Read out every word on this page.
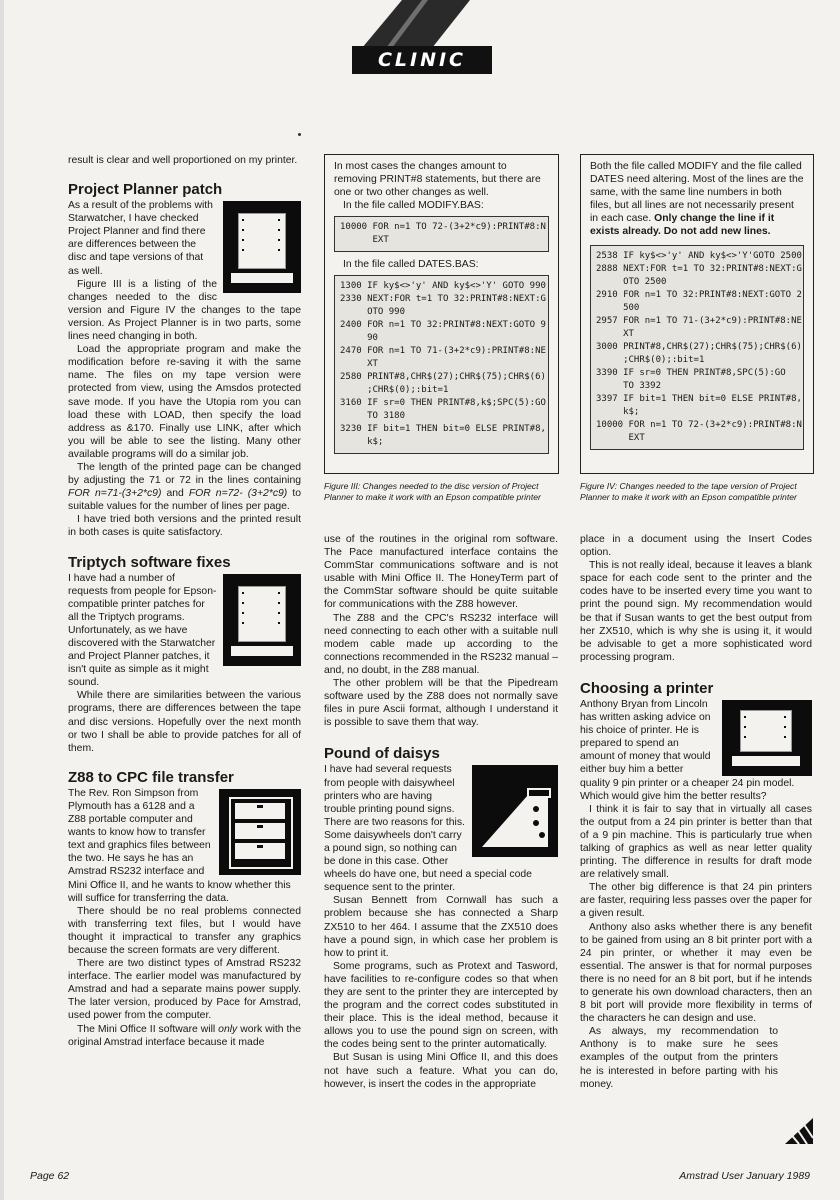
CLINIC

result is clear and well proportioned on my printer.

Project Planner patch

As a result of the problems with Starwatcher, I have checked Project Planner and find there are differences between the disc and tape versions of that as well.

Figure III is a listing of the changes needed to the disc version and Figure IV the changes to the tape version. As Project Planner is in two parts, some lines need changing in both.

Load the appropriate program and make the modification before re-saving it with the same name. The files on my tape version were protected from view, using the Amsdos protected save mode. If you have the Utopia rom you can load these with LOAD, then specify the load address as &170. Finally use LINK, after which you will be able to see the listing. Many other available programs will do a similar job.

The length of the printed page can be changed by adjusting the 71 or 72 in the lines containing FOR n=71-(3+2*c9) and FOR n=72- (3+2*c9) to suitable values for the number of lines per page.

I have tried both versions and the printed result in both cases is quite satisfactory.

Triptych software fixes

I have had a number of requests from people for Epson-compatible printer patches for all the Triptych programs. Unfortunately, as we have discovered with the Starwatcher and Project Planner patches, it isn't quite as simple as it might sound.

While there are similarities between the various programs, there are differences between the tape and disc versions. Hopefully over the next month or two I shall be able to provide patches for all of them.

Z88 to CPC file transfer

The Rev. Ron Simpson from Plymouth has a 6128 and a Z88 portable computer and wants to know how to transfer text and graphics files between the two. He says he has an Amstrad RS232 interface and Mini Office II, and he wants to know whether this will suffice for transferring the data.

There should be no real problems connected with transferring text files, but I would have thought it impractical to transfer any graphics because the screen formats are very different.

There are two distinct types of Amstrad RS232 interface. The earlier model was manufactured by Amstrad and had a separate mains power supply. The later version, produced by Pace for Amstrad, used power from the computer.

The Mini Office II software will only work with the original Amstrad interface because it made

In most cases the changes amount to removing PRINT#8 statements, but there are one or two other changes as well.

In the file called MODIFY.BAS:

10000 FOR n=1 TO 72-(3+2*c9):PRINT#8:N
EXT

In the file called DATES.BAS:

1300 IF ky$<>'y' AND ky$<>'Y' GOTO 990
2330 NEXT:FOR t=1 TO 32:PRINT#8:NEXT:G
OTO 990
2400 FOR n=1 TO 32:PRINT#8:NEXT:GOTO 9
90
2470 FOR n=1 TO 71-(3+2*c9):PRINT#8:NE
XT
2580 PRINT#8,CHR$(27);CHR$(75);CHR$(6)
;CHR$(0);:bit=1
3160 IF sr=0 THEN PRINT#8,k$;SPC(5):GO
TO 3180
3230 IF bit=1 THEN bit=0 ELSE PRINT#8,
k$;
Figure III: Changes needed to the disc version of Project Planner to make it work with an Epson compatible printer

use of the routines in the original rom software. The Pace manufactured interface contains the CommStar communications software and is not usable with Mini Office II. The HoneyTerm part of the CommStar software should be quite suitable for communications with the Z88 however.

The Z88 and the CPC's RS232 interface will need connecting to each other with a suitable null modem cable made up according to the connections recommended in the RS232 manual – and, no doubt, in the Z88 manual.

The other problem will be that the Pipedream software used by the Z88 does not normally save files in pure Ascii format, although I understand it is possible to save them that way.

Pound of daisys

I have had several requests from people with daisywheel printers who are having trouble printing pound signs. There are two reasons for this. Some daisywheels don't carry a pound sign, so nothing can be done in this case. Other wheels do have one, but need a special code sequence sent to the printer.

Susan Bennett from Cornwall has such a problem because she has connected a Sharp ZX510 to her 464. I assume that the ZX510 does have a pound sign, in which case her problem is how to print it.

Some programs, such as Protext and Tasword, have facilities to re-configure codes so that when they are sent to the printer they are intercepted by the program and the correct codes substituted in their place. This is the ideal method, because it allows you to use the pound sign on screen, with the codes being sent to the printer automatically.

But Susan is using Mini Office II, and this does not have such a feature. What you can do, however, is insert the codes in the appropriate

Both the file called MODIFY and the file called DATES need altering. Most of the lines are the same, with the same line numbers in both files, but all lines are not necessarily present in each case. Only change the line if it exists already. Do not add new lines.

2538 IF ky$<>'y' AND ky$<>'Y'GOTO 2500
2888 NEXT:FOR t=1 TO 32:PRINT#8:NEXT:G
OTO 2500
2910 FOR n=1 TO 32:PRINT#8:NEXT:GOTO 2
500
2957 FOR n=1 TO 71-(3+2*c9):PRINT#8:NE
XT
3000 PRINT#8,CHR$(27);CHR$(75);CHR$(6)
;CHR$(0);:bit=1
3390 IF sr=0 THEN PRINT#8,SPC(5):GO
TO 3392
3397 IF bit=1 THEN bit=0 ELSE PRINT#8,
k$;
10000 FOR n=1 TO 72-(3+2*c9):PRINT#8:N
EXT
Figure IV: Changes needed to the tape version of Project Planner to make it work with an Epson compatible printer

place in a document using the Insert Codes option.

This is not really ideal, because it leaves a blank space for each code sent to the printer and the codes have to be inserted every time you want to print the pound sign. My recommendation would be that if Susan wants to get the best output from her ZX510, which is why she is using it, it would be advisable to get a more sophisticated word processing program.

Choosing a printer

Anthony Bryan from Lincoln has written asking advice on his choice of printer. He is prepared to spend an amount of money that would either buy him a better quality 9 pin printer or a cheaper 24 pin model. Which would give him the better results?

I think it is fair to say that in virtually all cases the output from a 24 pin printer is better than that of a 9 pin machine. This is particularly true when talking of graphics as well as near letter quality printing. The difference in results for draft mode are relatively small.

The other big difference is that 24 pin printers are faster, requiring less passes over the paper for a given result.

Anthony also asks whether there is any benefit to be gained from using an 8 bit printer port with a 24 pin printer, or whether it may even be essential. The answer is that for normal purposes there is no need for an 8 bit port, but if he intends to generate his own download characters, then an 8 bit port will provide more flexibility in terms of the characters he can design and use.

As always, my recommendation to Anthony is to make sure he sees examples of the output from the printers he is interested in before parting with his money.

Page 62	Amstrad User January 1989
